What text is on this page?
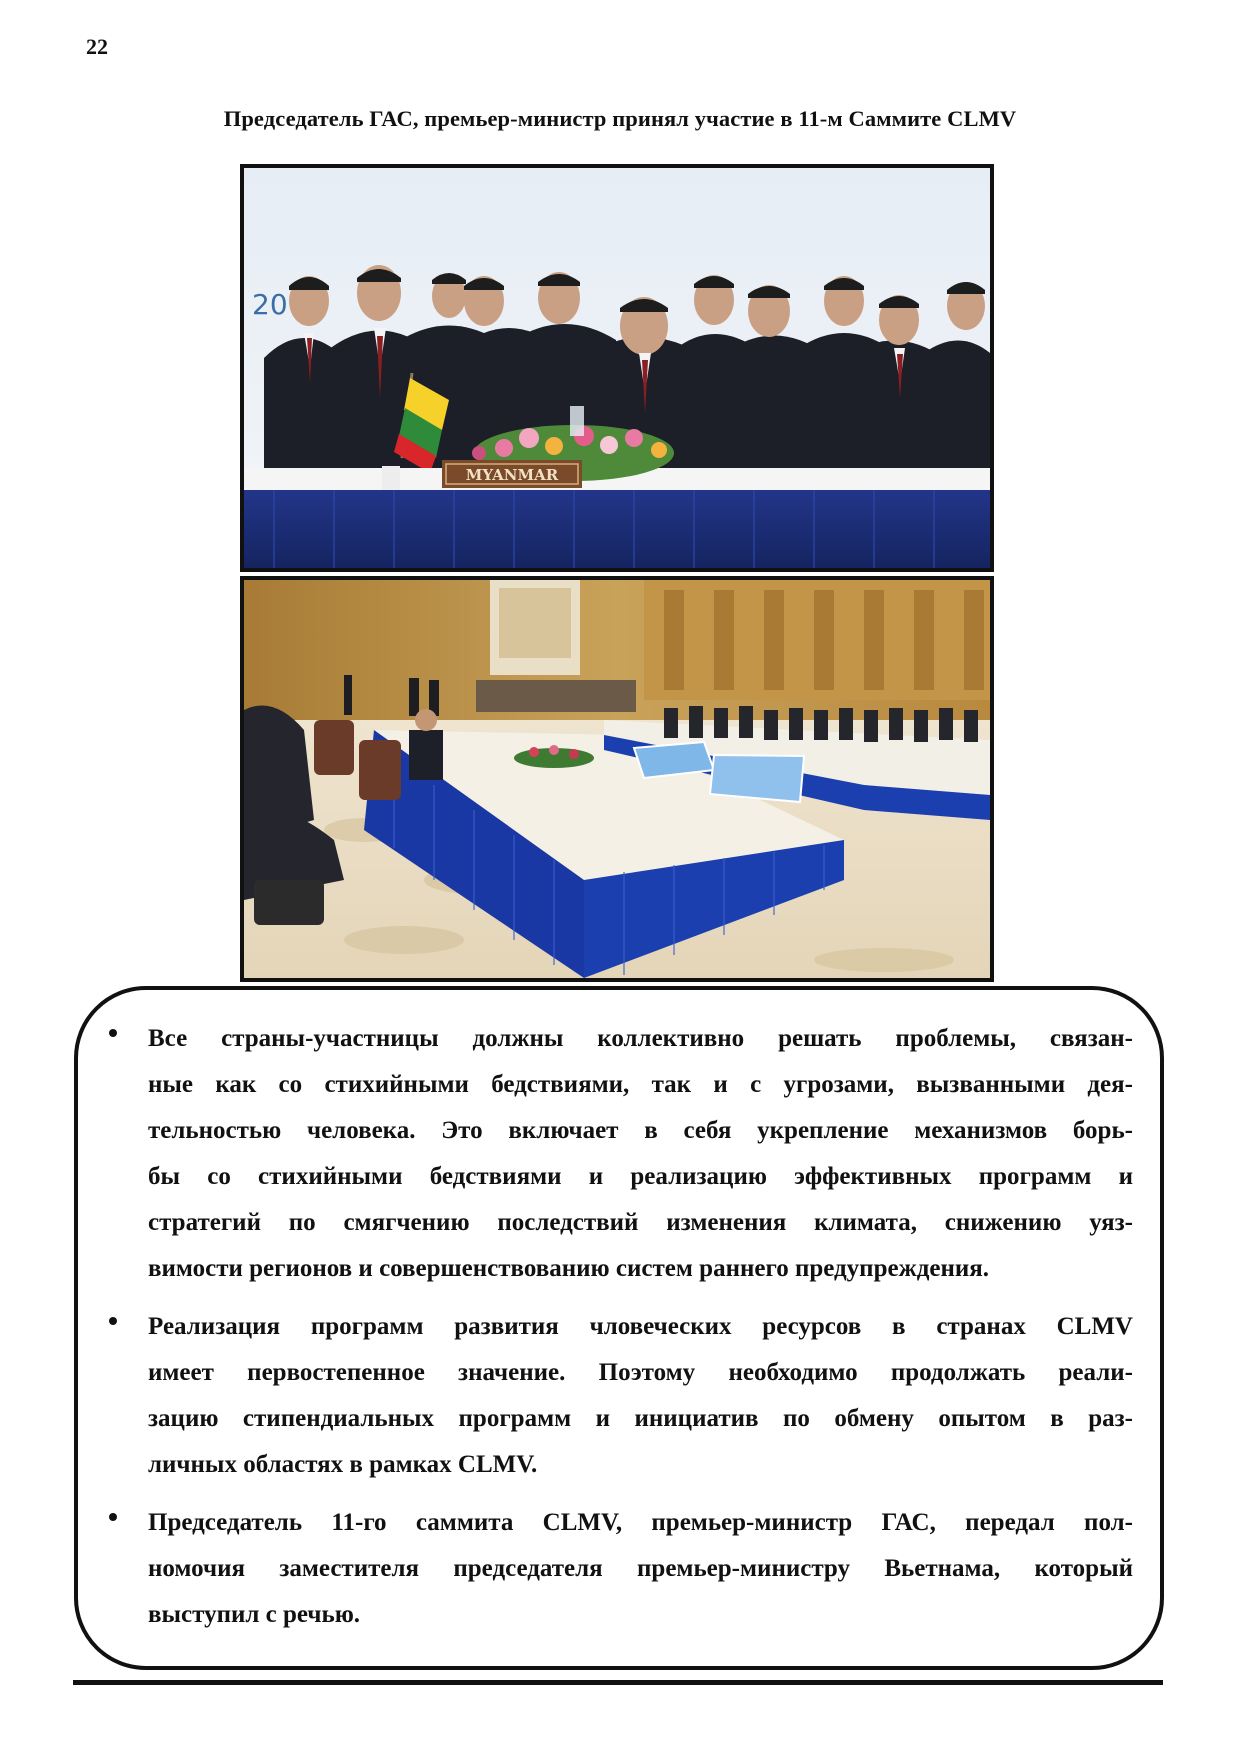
22
Председатель ГАС, премьер-министр принял участие в 11-м Саммите CLMV
20
MYANMAR
Все страны-участницы должны коллективно решать проблемы, связан-
ные как со стихийными бедствиями, так и с угрозами, вызванными дея-
тельностью человека. Это включает в себя укрепление механизмов борь-
бы со стихийными бедствиями и реализацию эффективных программ и
стратегий по смягчению последствий изменения климата, снижению уяз-
вимости регионов и совершенствованию систем раннего предупреждения.
Реализация программ развития чловеческих ресурсов в странах CLMV
имеет первостепенное значение. Поэтому необходимо продолжать реали-
зацию стипендиальных программ и инициатив по обмену опытом в раз-
личных областях в рамках CLMV.
Председатель 11-го саммита CLMV, премьер-министр ГАС, передал пол-
номочия заместителя председателя премьер-министру Вьетнама, который
выступил с речью.
